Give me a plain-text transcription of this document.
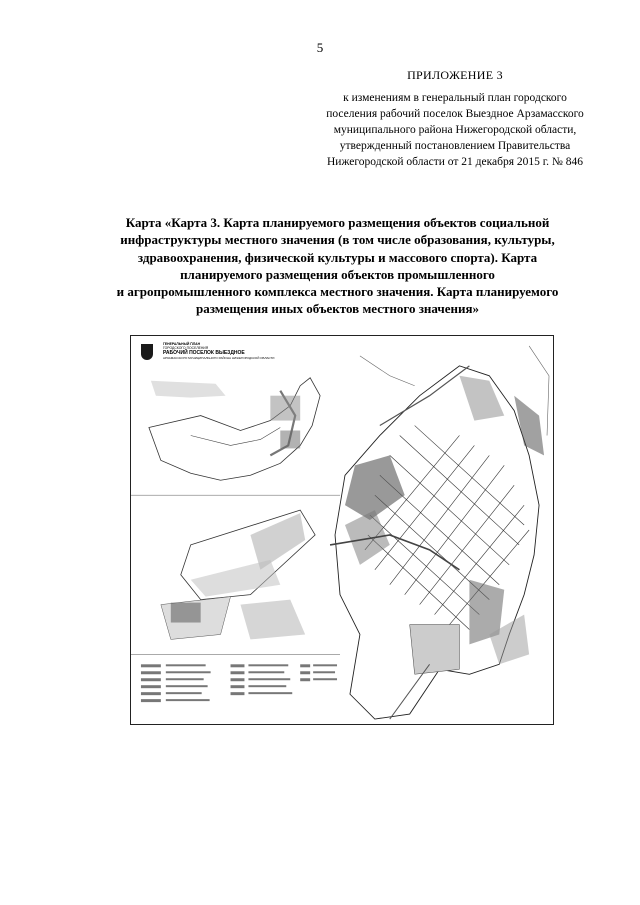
5
ПРИЛОЖЕНИЕ 3
к изменениям в генеральный план городского
поселения рабочий поселок Выездное Арзамасского
муниципального района Нижегородской области,
утвержденный постановлением Правительства
Нижегородской области от 21 декабря 2015 г. № 846
Карта «Карта 3. Карта планируемого размещения объектов социальной
инфраструктуры местного значения (в том числе образования, культуры,
здравоохранения, физической культуры и массового спорта). Карта
планируемого размещения объектов промышленного
и агропромышленного комплекса местного значения. Карта планируемого
размещения иных объектов местного значения»
ГЕНЕРАЛЬНЫЙ ПЛАН
ГОРОДСКОГО ПОСЕЛЕНИЯ
РАБОЧИЙ ПОСЕЛОК ВЫЕЗДНОЕ
АРЗАМАССКОГО МУНИЦИПАЛЬНОГО РАЙОНА НИЖЕГОРОДСКОЙ ОБЛАСТИ
